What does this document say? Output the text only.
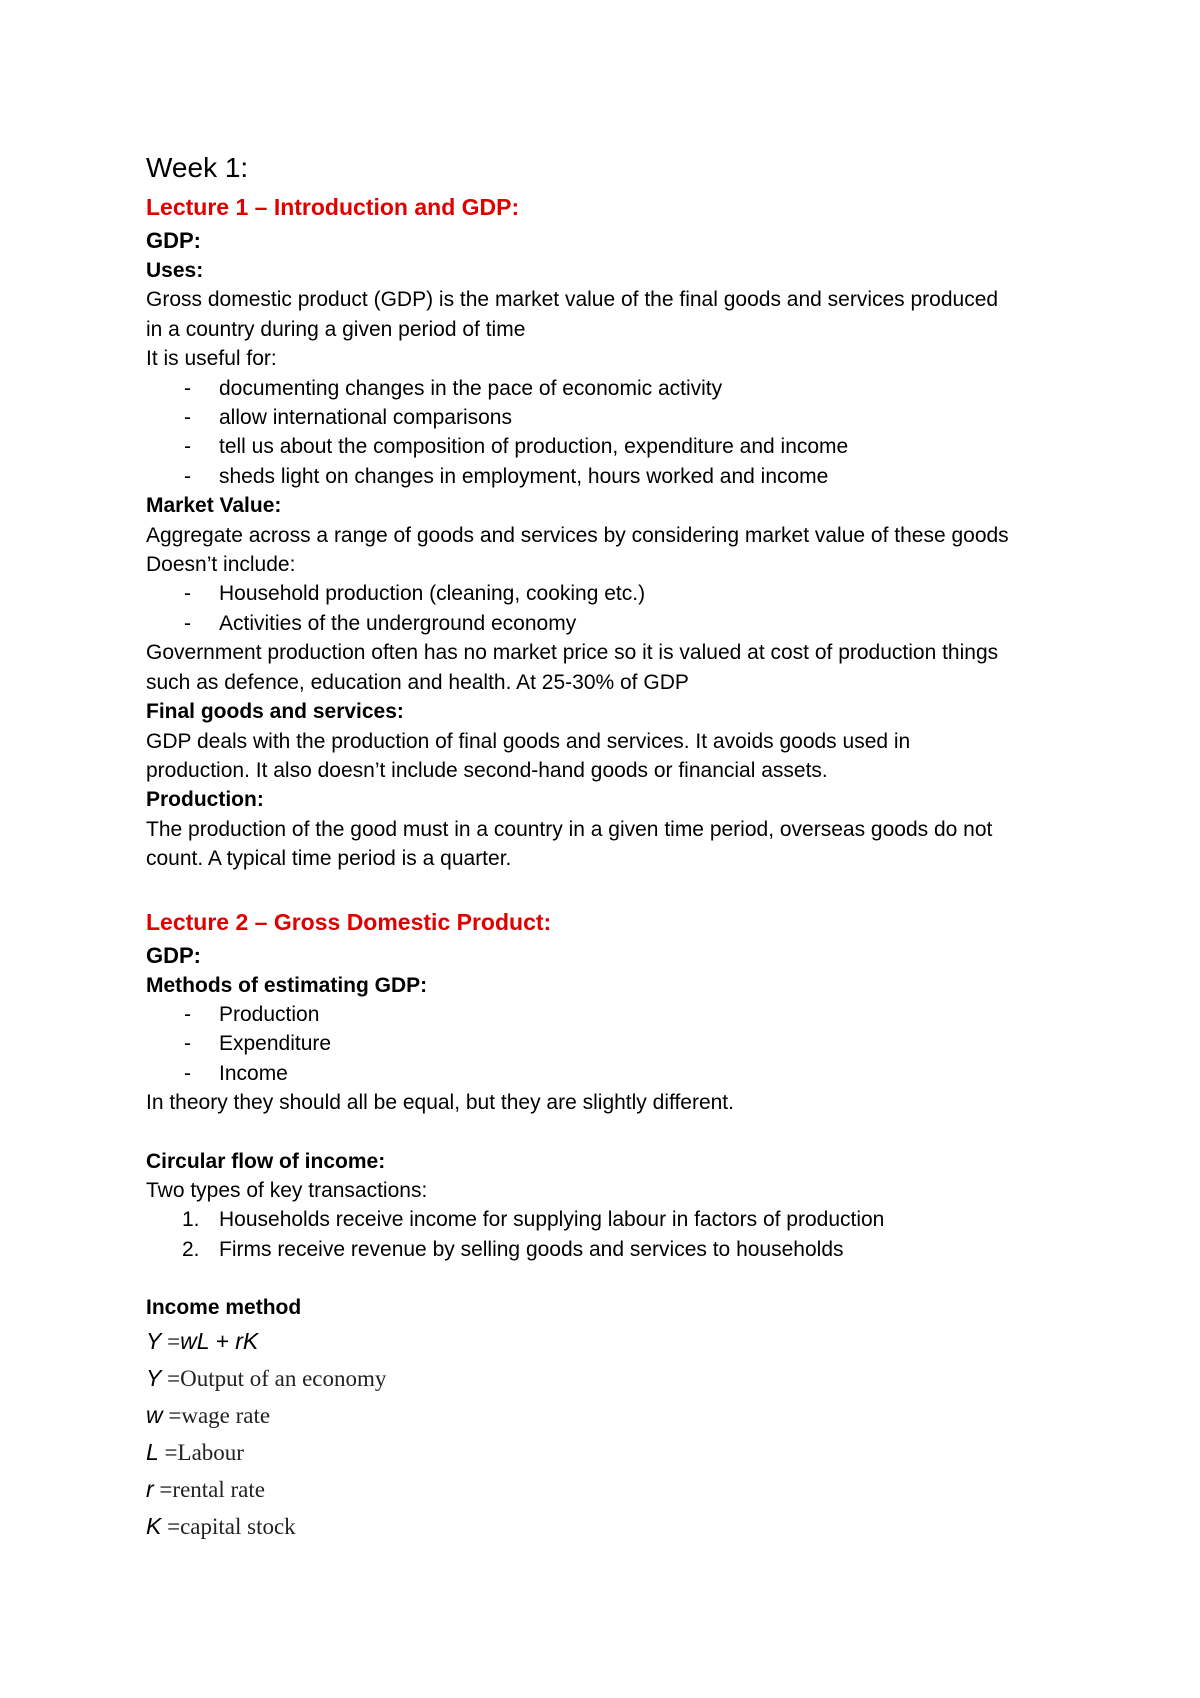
Week 1:
Lecture 1 – Introduction and GDP:
GDP:
Uses:
Gross domestic product (GDP) is the market value of the final goods and services produced
in a country during a given period of time
It is useful for:
- documenting changes in the pace of economic activity
- allow international comparisons
- tell us about the composition of production, expenditure and income
- sheds light on changes in employment, hours worked and income
Market Value:
Aggregate across a range of goods and services by considering market value of these goods
Doesn’t include:
- Household production (cleaning, cooking etc.)
- Activities of the underground economy
Government production often has no market price so it is valued at cost of production things
such as defence, education and health. At 25-30% of GDP
Final goods and services:
GDP deals with the production of final goods and services. It avoids goods used in
production. It also doesn’t include second-hand goods or financial assets.
Production:
The production of the good must in a country in a given time period, overseas goods do not
count. A typical time period is a quarter.
Lecture 2 – Gross Domestic Product:
GDP:
Methods of estimating GDP:
- Production
- Expenditure
- Income
In theory they should all be equal, but they are slightly different.
Circular flow of income:
Two types of key transactions:
1. Households receive income for supplying labour in factors of production
2. Firms receive revenue by selling goods and services to households
Income method
Y =wL + rK
Y =Output of an economy
w =wage rate
L =Labour
r =rental rate
K =capital stock
